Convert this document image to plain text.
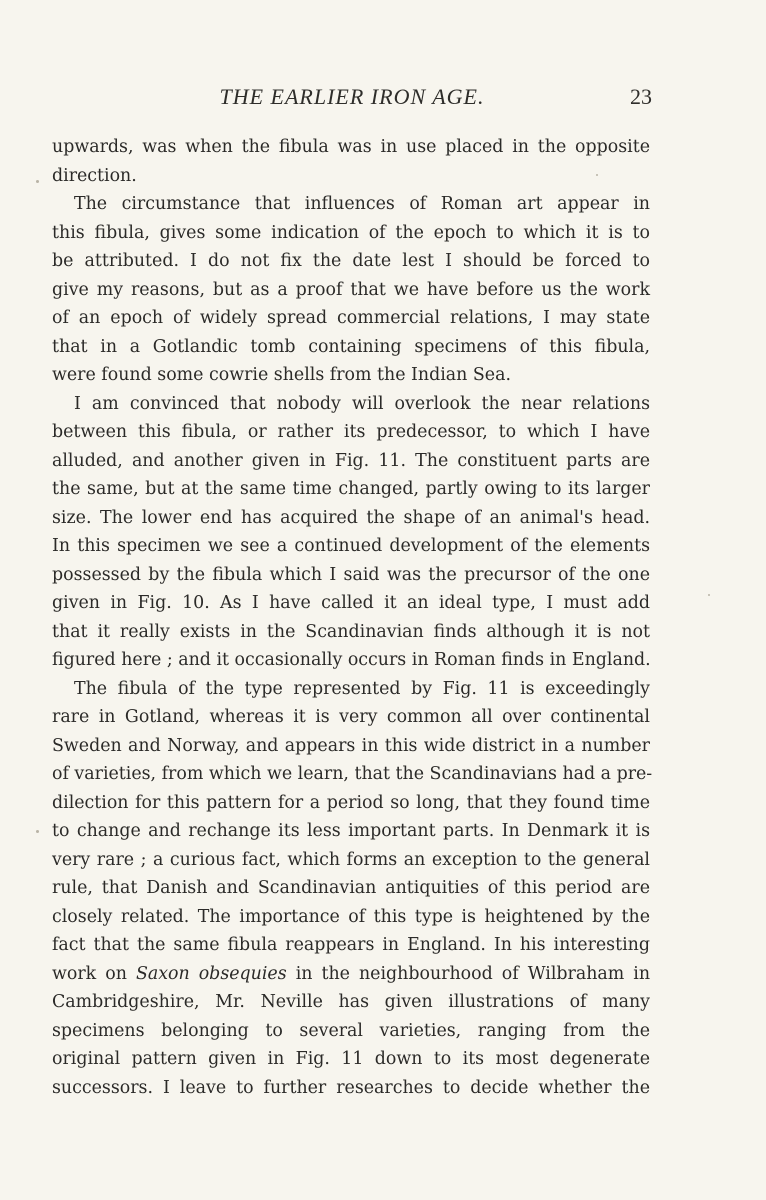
THE EARLIER IRON AGE.	23
upwards, was when the fibula was in use placed in the opposite
direction.
The circumstance that influences of Roman art appear in
this fibula, gives some indication of the epoch to which it is to
be attributed. I do not fix the date lest I should be forced to
give my reasons, but as a proof that we have before us the work
of an epoch of widely spread commercial relations, I may state
that in a Gotlandic tomb containing specimens of this fibula,
were found some cowrie shells from the Indian Sea.
I am convinced that nobody will overlook the near relations
between this fibula, or rather its predecessor, to which I have
alluded, and another given in Fig. 11. The constituent parts are
the same, but at the same time changed, partly owing to its larger
size. The lower end has acquired the shape of an animal's head.
In this specimen we see a continued development of the elements
possessed by the fibula which I said was the precursor of the one
given in Fig. 10. As I have called it an ideal type, I must add
that it really exists in the Scandinavian finds although it is not
figured here ; and it occasionally occurs in Roman finds in England.
The fibula of the type represented by Fig. 11 is exceedingly
rare in Gotland, whereas it is very common all over continental
Sweden and Norway, and appears in this wide district in a number
of varieties, from which we learn, that the Scandinavians had a pre-
dilection for this pattern for a period so long, that they found time
to change and rechange its less important parts. In Denmark it is
very rare ; a curious fact, which forms an exception to the general
rule, that Danish and Scandinavian antiquities of this period are
closely related. The importance of this type is heightened by the
fact that the same fibula reappears in England. In his interesting
work on Saxon obsequies in the neighbourhood of Wilbraham in
Cambridgeshire, Mr. Neville has given illustrations of many
specimens belonging to several varieties, ranging from the
original pattern given in Fig. 11 down to its most degenerate
successors. I leave to further researches to decide whether the
